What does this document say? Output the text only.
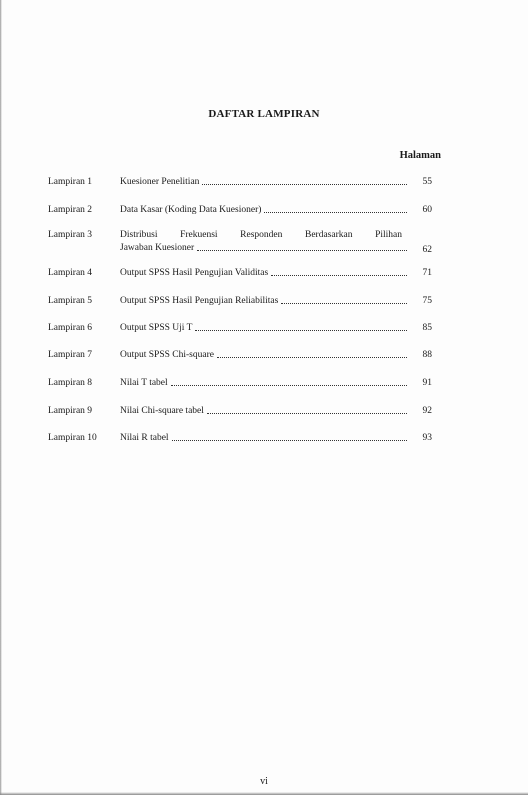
DAFTAR LAMPIRAN
Halaman
Lampiran 1	Kuesioner Penelitian	55
Lampiran 2	Data Kasar (Koding Data Kuesioner)	60
Lampiran 3	Distribusi Frekuensi Responden Berdasarkan Pilihan
Jawaban Kuesioner	62
Lampiran 4	Output SPSS Hasil Pengujian Validitas	71
Lampiran 5	Output SPSS Hasil Pengujian Reliabilitas	75
Lampiran 6	Output SPSS Uji T	85
Lampiran 7	Output SPSS Chi-square	88
Lampiran 8	Nilai T tabel	91
Lampiran 9	Nilai Chi-square tabel	92
Lampiran 10	Nilai R tabel	93
vi
